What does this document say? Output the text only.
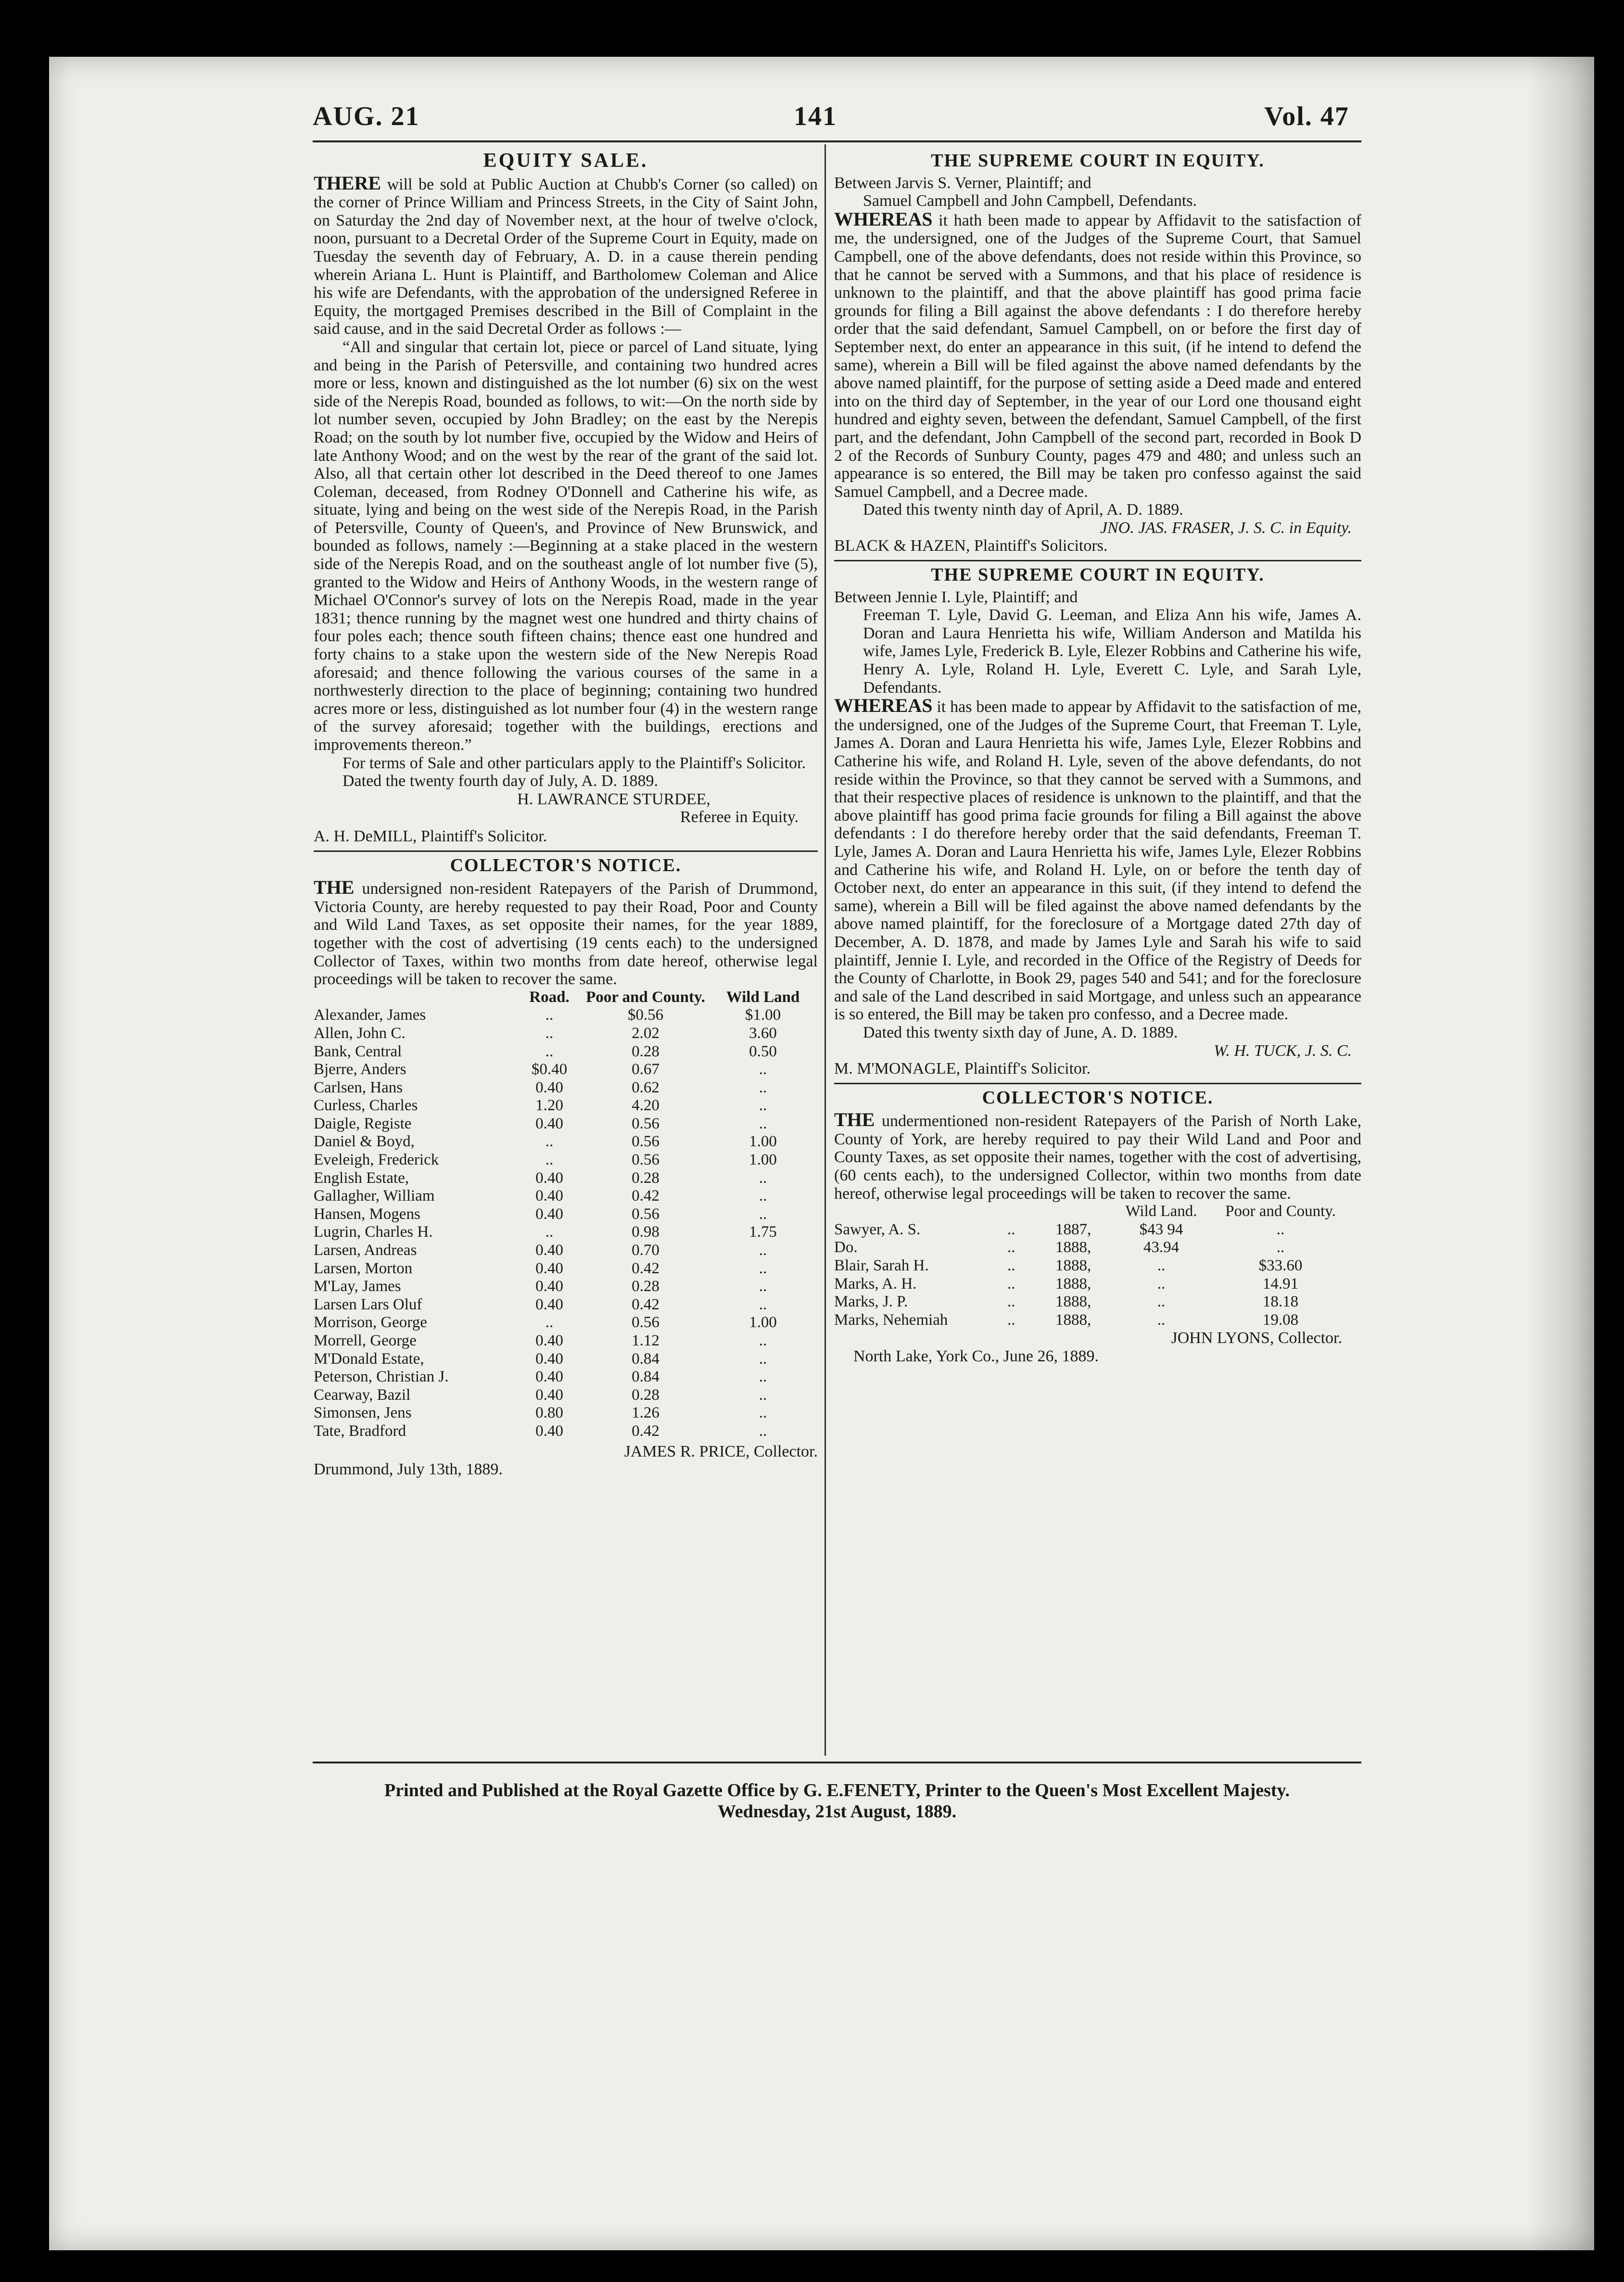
AUG. 21	141	Vol. 47
EQUITY SALE.

THERE will be sold at Public Auction at Chubb's Corner (so called) on the corner of Prince William and Princess Streets, in the City of Saint John, on Saturday the 2nd day of November next, at the hour of twelve o'clock, noon, pursuant to a Decretal Order of the Supreme Court in Equity, made on Tuesday the seventh day of February, A. D. in a cause therein pending wherein Ariana L. Hunt is Plaintiff, and Bartholomew Coleman and Alice his wife are Defendants, with the approbation of the undersigned Referee in Equity, the mortgaged Premises described in the Bill of Complaint in the said cause, and in the said Decretal Order as follows :—

“All and singular that certain lot, piece or parcel of Land situate, lying and being in the Parish of Petersville, and containing two hundred acres more or less, known and distinguished as the lot number (6) six on the west side of the Nerepis Road, bounded as follows, to wit:—On the north side by lot number seven, occupied by John Bradley; on the east by the Nerepis Road; on the south by lot number five, occupied by the Widow and Heirs of late Anthony Wood; and on the west by the rear of the grant of the said lot. Also, all that certain other lot described in the Deed thereof to one James Coleman, deceased, from Rodney O'Donnell and Catherine his wife, as situate, lying and being on the west side of the Nerepis Road, in the Parish of Petersville, County of Queen's, and Province of New Brunswick, and bounded as follows, namely :—Beginning at a stake placed in the western side of the Nerepis Road, and on the southeast angle of lot number five (5), granted to the Widow and Heirs of Anthony Woods, in the western range of Michael O'Connor's survey of lots on the Nerepis Road, made in the year 1831; thence running by the magnet west one hundred and thirty chains of four poles each; thence south fifteen chains; thence east one hundred and forty chains to a stake upon the western side of the New Nerepis Road aforesaid; and thence following the various courses of the same in a northwesterly direction to the place of beginning; containing two hundred acres more or less, distinguished as lot number four (4) in the western range of the survey aforesaid; together with the buildings, erections and improvements thereon.”

For terms of Sale and other particulars apply to the Plaintiff's Solicitor.

Dated the twenty fourth day of July, A. D. 1889.

H. LAWRANCE STURDEE,

Referee in Equity.

A. H. DeMILL, Plaintiff's Solicitor.

COLLECTOR'S NOTICE.

THE undersigned non-resident Ratepayers of the Parish of Drummond, Victoria County, are hereby requested to pay their Road, Poor and County and Wild Land Taxes, as set opposite their names, for the year 1889, together with the cost of advertising (19 cents each) to the undersigned Collector of Taxes, within two months from date hereof, otherwise legal proceedings will be taken to recover the same.

	Road.	Poor and County.	Wild Land
Alexander, James	..	$0.56	$1.00
Allen, John C.	..	2.02	3.60
Bank, Central	..	0.28	0.50
Bjerre, Anders	$0.40	0.67	..
Carlsen, Hans	0.40	0.62	..
Curless, Charles	1.20	4.20	..
Daigle, Registe	0.40	0.56	..
Daniel & Boyd,	..	0.56	1.00
Eveleigh, Frederick	..	0.56	1.00
English Estate,	0.40	0.28	..
Gallagher, William	0.40	0.42	..
Hansen, Mogens	0.40	0.56	..
Lugrin, Charles H.	..	0.98	1.75
Larsen, Andreas	0.40	0.70	..
Larsen, Morton	0.40	0.42	..
M'Lay, James	0.40	0.28	..
Larsen Lars Oluf	0.40	0.42	..
Morrison, George	..	0.56	1.00
Morrell, George	0.40	1.12	..
M'Donald Estate,	0.40	0.84	..
Peterson, Christian J.	0.40	0.84	..
Cearway, Bazil	0.40	0.28	..
Simonsen, Jens	0.80	1.26	..
Tate, Bradford	0.40	0.42	..

JAMES R. PRICE, Collector.

Drummond, July 13th, 1889.

THE SUPREME COURT IN EQUITY.

Between Jarvis S. Verner, Plaintiff; and

Samuel Campbell and John Campbell, Defendants.

WHEREAS it hath been made to appear by Affidavit to the satisfaction of me, the undersigned, one of the Judges of the Supreme Court, that Samuel Campbell, one of the above defendants, does not reside within this Province, so that he cannot be served with a Summons, and that his place of residence is unknown to the plaintiff, and that the above plaintiff has good prima facie grounds for filing a Bill against the above defendants : I do therefore hereby order that the said defendant, Samuel Campbell, on or before the first day of September next, do enter an appearance in this suit, (if he intend to defend the same), wherein a Bill will be filed against the above named defendants by the above named plaintiff, for the purpose of setting aside a Deed made and entered into on the third day of September, in the year of our Lord one thousand eight hundred and eighty seven, between the defendant, Samuel Campbell, of the first part, and the defendant, John Campbell of the second part, recorded in Book D 2 of the Records of Sunbury County, pages 479 and 480; and unless such an appearance is so entered, the Bill may be taken pro confesso against the said Samuel Campbell, and a Decree made.

Dated this twenty ninth day of April, A. D. 1889.

JNO. JAS. FRASER, J. S. C. in Equity.

BLACK & HAZEN, Plaintiff's Solicitors.

THE SUPREME COURT IN EQUITY.

Between Jennie I. Lyle, Plaintiff; and

Freeman T. Lyle, David G. Leeman, and Eliza Ann his wife, James A. Doran and Laura Henrietta his wife, William Anderson and Matilda his wife, James Lyle, Frederick B. Lyle, Elezer Robbins and Catherine his wife, Henry A. Lyle, Roland H. Lyle, Everett C. Lyle, and Sarah Lyle, Defendants.

WHEREAS it has been made to appear by Affidavit to the satisfaction of me, the undersigned, one of the Judges of the Supreme Court, that Freeman T. Lyle, James A. Doran and Laura Henrietta his wife, James Lyle, Elezer Robbins and Catherine his wife, and Roland H. Lyle, seven of the above defendants, do not reside within the Province, so that they cannot be served with a Summons, and that their respective places of residence is unknown to the plaintiff, and that the above plaintiff has good prima facie grounds for filing a Bill against the above defendants : I do therefore hereby order that the said defendants, Freeman T. Lyle, James A. Doran and Laura Henrietta his wife, James Lyle, Elezer Robbins and Catherine his wife, and Roland H. Lyle, on or before the tenth day of October next, do enter an appearance in this suit, (if they intend to defend the same), wherein a Bill will be filed against the above named defendants by the above named plaintiff, for the foreclosure of a Mortgage dated 27th day of December, A. D. 1878, and made by James Lyle and Sarah his wife to said plaintiff, Jennie I. Lyle, and recorded in the Office of the Registry of Deeds for the County of Charlotte, in Book 29, pages 540 and 541; and for the foreclosure and sale of the Land described in said Mortgage, and unless such an appearance is so entered, the Bill may be taken pro confesso, and a Decree made.

Dated this twenty sixth day of June, A. D. 1889.

W. H. TUCK, J. S. C.

M. M'MONAGLE, Plaintiff's Solicitor.

COLLECTOR'S NOTICE.

THE undermentioned non-resident Ratepayers of the Parish of North Lake, County of York, are hereby required to pay their Wild Land and Poor and County Taxes, as set opposite their names, together with the cost of advertising, (60 cents each), to the undersigned Collector, within two months from date hereof, otherwise legal proceedings will be taken to recover the same.

			Wild Land.	Poor and County.
Sawyer, A. S.	..	1887,	$43 94	..
Do.	..	1888,	43.94	..
Blair, Sarah H.	..	1888,	..	$33.60
Marks, A. H.	..	1888,	..	14.91
Marks, J. P.	..	1888,	..	18.18
Marks, Nehemiah	..	1888,	..	19.08

JOHN LYONS, Collector.

North Lake, York Co., June 26, 1889.

Printed and Published at the Royal Gazette Office by G. E.FENETY, Printer to the Queen's Most Excellent Majesty.
Wednesday, 21st August, 1889.
